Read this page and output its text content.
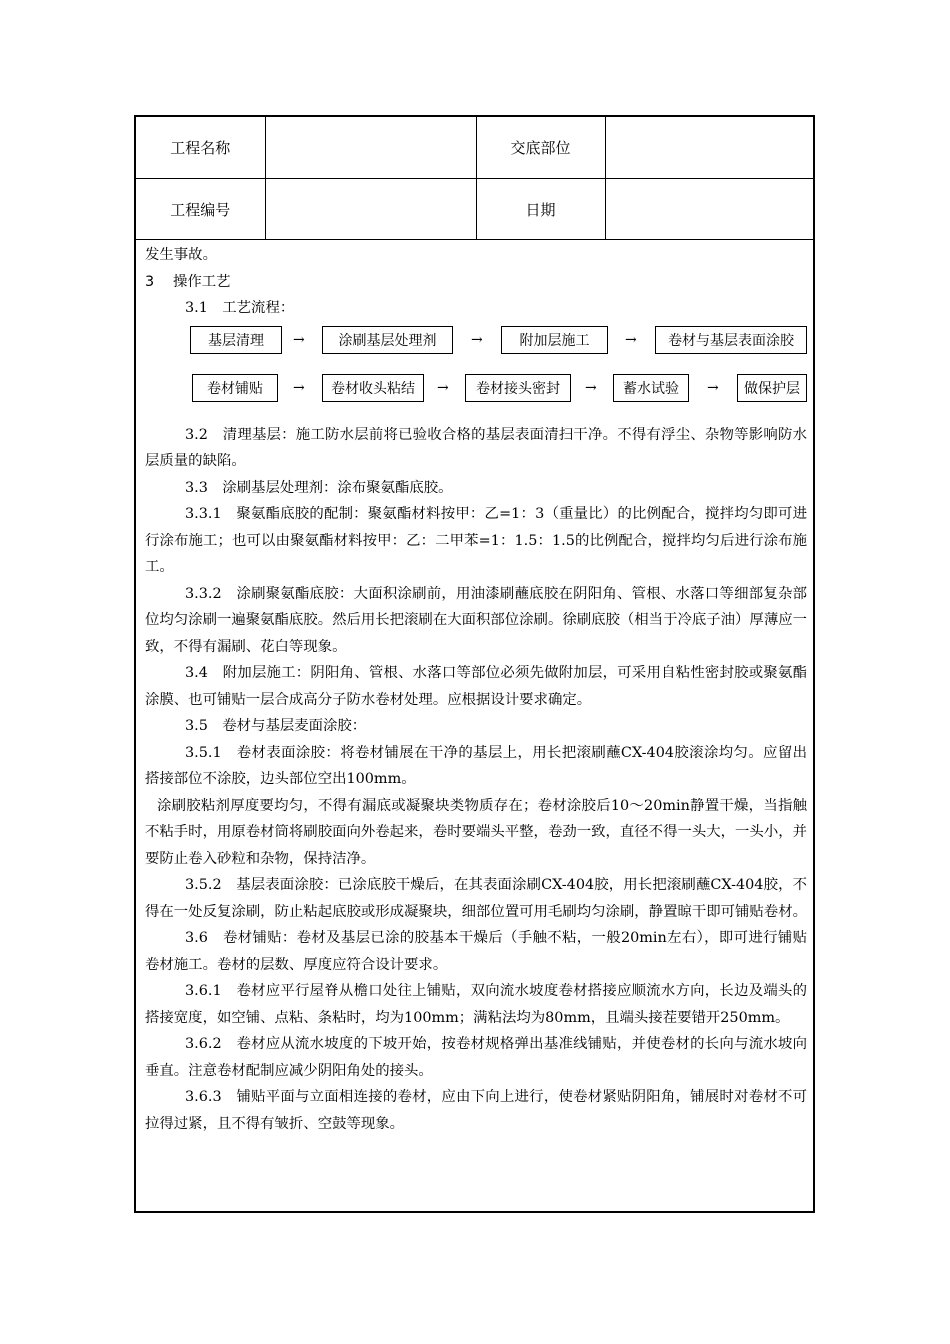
工程名称		交底部位	
工程编号		日期	

发生事故。

3 操作工艺

3.1　工艺流程：

基层清理	→	涂刷基层处理剂	→	附加层施工	→	卷材与基层表面涂胶
卷材铺贴	→	卷材收头粘结	→	卷材接头密封	→	蓄水试验	→	做保护层

3.2　清理基层：施工防水层前将已验收合格的基层表面清扫干净。不得有浮尘、杂物等影响防水层质量的缺陷。

3.3　涂刷基层处理剂：涂布聚氨酯底胶。

3.3.1　聚氨酯底胶的配制：聚氨酯材料按甲：乙=1：3（重量比）的比例配合，搅拌均匀即可进行涂布施工；也可以由聚氨酯材料按甲：乙：二甲苯=1：1.5：1.5的比例配合，搅拌均匀后进行涂布施工。

3.3.2　涂刷聚氨酯底胶：大面积涂刷前，用油漆刷蘸底胶在阴阳角、管根、水落口等细部复杂部位均匀涂刷一遍聚氨酯底胶。然后用长把滚刷在大面积部位涂刷。徐刷底胶（相当于冷底子油）厚薄应一致，不得有漏刷、花白等现象。

3.4　附加层施工：阴阳角、管根、水落口等部位必须先做附加层，可采用自粘性密封胶或聚氨酯涂膜、也可铺贴一层合成高分子防水卷材处理。应根据设计要求确定。

3.5　卷材与基层麦面涂胶：

3.5.1　卷材表面涂胶：将卷材铺展在干净的基层上，用长把滚刷蘸CX-404胶滚涂均匀。应留出搭接部位不涂胶，边头部位空出100mm。

涂刷胶粘剂厚度要均匀，不得有漏底或凝聚块类物质存在；卷材涂胶后10～20min静置干燥，当指触不粘手时，用原卷材筒将刷胶面向外卷起来，卷时要端头平整，卷劲一致，直径不得一头大，一头小，并要防止卷入砂粒和杂物，保持洁净。

3.5.2　基层表面涂胶：已涂底胶干燥后，在其表面涂刷CX-404胶，用长把滚刷蘸CX-404胶，不得在一处反复涂刷，防止粘起底胶或形成凝聚块，细部位置可用毛刷均匀涂刷，静置晾干即可铺贴卷材。

3.6　卷材铺贴：卷材及基层已涂的胶基本干燥后（手触不粘，一般20min左右），即可进行铺贴卷材施工。卷材的层数、厚度应符合设计要求。

3.6.1　卷材应平行屋脊从檐口处往上铺贴，双向流水坡度卷材搭接应顺流水方向，长边及端头的搭接宽度，如空铺、点粘、条粘时，均为100mm；满粘法均为80mm，且端头接茬要错开250mm。

3.6.2　卷材应从流水坡度的下坡开始，按卷材规格弹出基准线铺贴，并使卷材的长向与流水坡向垂直。注意卷材配制应减少阴阳角处的接头。

3.6.3　铺贴平面与立面相连接的卷材，应由下向上进行，使卷材紧贴阴阳角，铺展时对卷材不可拉得过紧，且不得有皱折、空鼓等现象。
